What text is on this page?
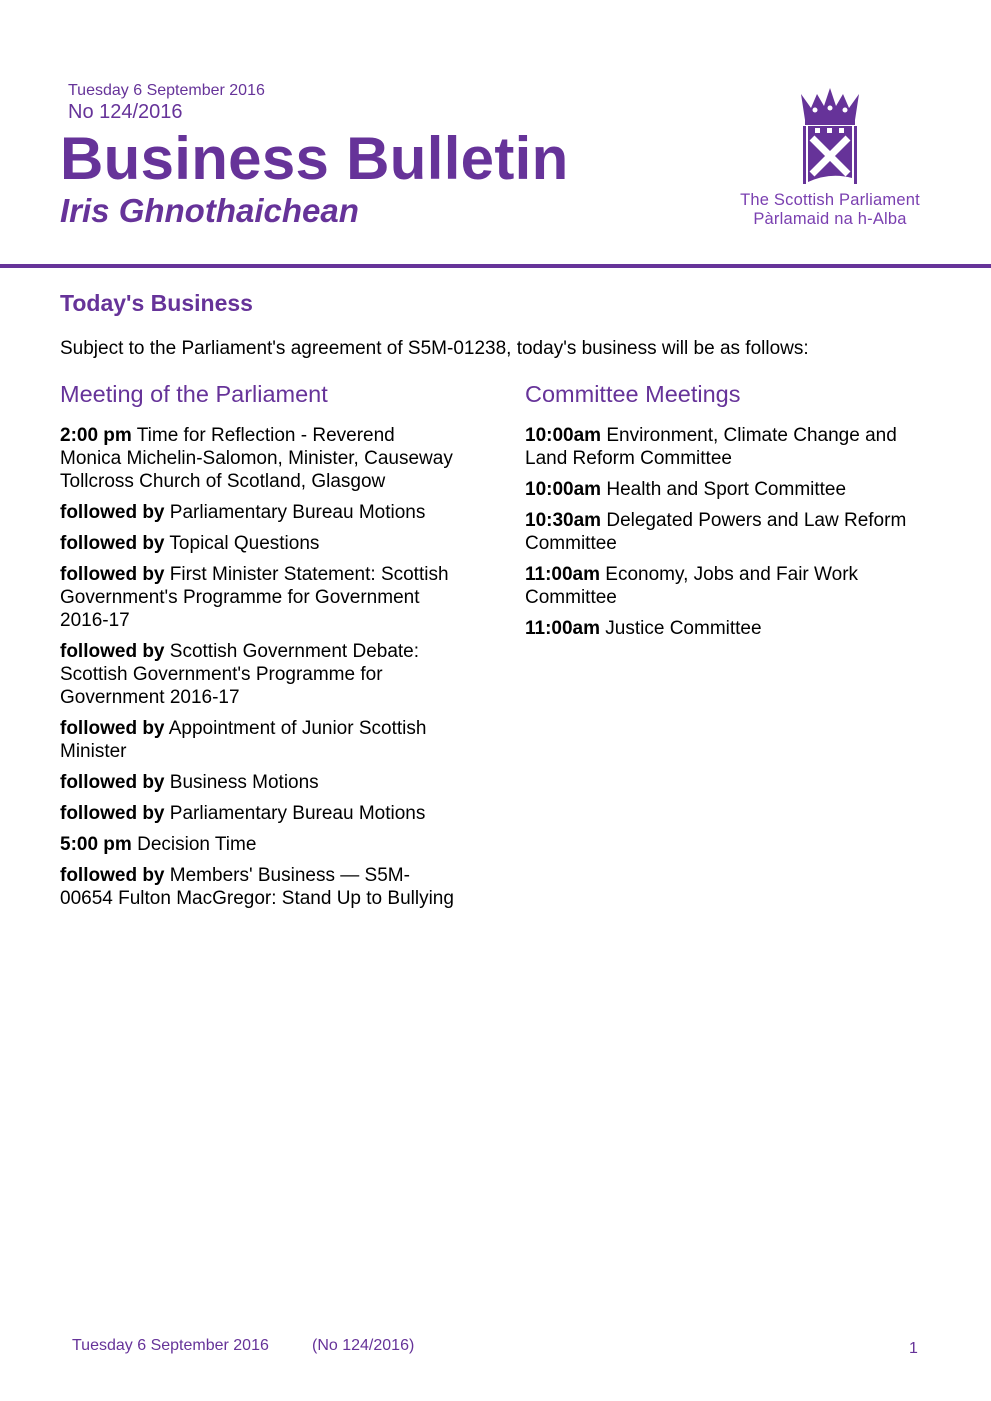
Tuesday 6 September 2016
No 124/2016
Business Bulletin
Iris Ghnothaichean	The Scottish Parliament
Pàrlamaid na h-Alba
Today's Business
Subject to the Parliament's agreement of S5M-01238, today's business will be as follows:
Meeting of the Parliament
2:00 pm Time for Reflection - Reverend Monica Michelin-Salomon, Minister, Causeway Tollcross Church of Scotland, Glasgow
followed by Parliamentary Bureau Motions
followed by Topical Questions
followed by First Minister Statement: Scottish Government's Programme for Government 2016-17
followed by Scottish Government Debate: Scottish Government's Programme for Government 2016-17
followed by Appointment of Junior Scottish Minister
followed by Business Motions
followed by Parliamentary Bureau Motions
5:00 pm Decision Time
followed by Members' Business — S5M-00654 Fulton MacGregor: Stand Up to Bullying
Committee Meetings
10:00am Environment, Climate Change and Land Reform Committee
10:00am Health and Sport Committee
10:30am Delegated Powers and Law Reform Committee
11:00am Economy, Jobs and Fair Work Committee
11:00am Justice Committee
Tuesday 6 September 2016	(No 124/2016)	1
